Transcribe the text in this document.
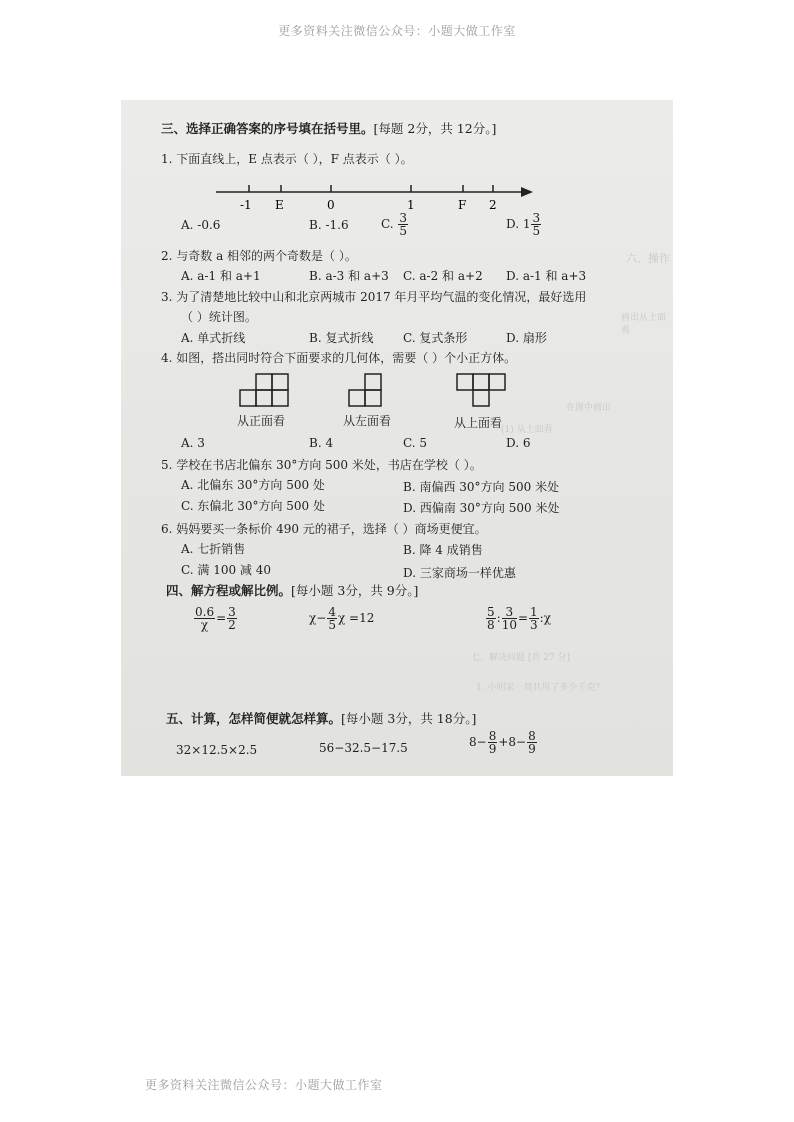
更多资料关注微信公众号：小题大做工作室
六、操作
画出从上面看
在图中画出
(1) 从上面看
七、解决问题 [共 27 分]
1. 小明家一周共用了多少千克？
三、选择正确答案的序号填在括号里。[每题 2分，共 12分。]
1. 下面直线上，E 点表示（ ），F 点表示（ ）。
-1 E	0	1	F 2
A. -0.6	B. -1.6	C. $\frac{3}{5}$	D. $1 \frac{3}{5}$
2. 与奇数 a 相邻的两个奇数是（ ）。
A. a-1 和 a+1	B. a-3 和 a+3 C. a-2 和 a+2 D. a-1 和 a+3
3. 为了清楚地比较中山和北京两城市 2017 年月平均气温的变化情况，最好选用
（ ）统计图。
A. 单式折线	B. 复式折线 C. 复式条形	D. 扇形
4. 如图，搭出同时符合下面要求的几何体，需要（ ）个小正方体。
从正面看	从左面看	从上面看
A. 3	B. 4	C. 5	D. 6
5. 学校在书店北偏东 30°方向 500 米处，书店在学校（ ）。
A. 北偏东 30°方向 500 处	B. 南偏西 30°方向 500 米处
C. 东偏北 30°方向 500 处	D. 西偏南 30°方向 500 米处
6. 妈妈要买一条标价 490 元的裙子，选择（ ）商场更便宜。
A. 七折销售	B. 降 4 成销售
C. 满 100 减 40	D. 三家商场一样优惠
四、解方程或解比例。[每小题 3分，共 9分。]
$\frac{0.6}{\chi} = \frac{3}{2}$	$\chi- \frac{4}{5}$ χ =12	$\frac{5}{8}$ : $\frac{3}{10} = \frac{1}{3}$ :χ
五、计算，怎样简便就怎样算。[每小题 3分，共 18分。]
32×12.5×2.5	56−32.5−17.5	$8- \frac{8}{9} +8- \frac{8}{9}$
更多资料关注微信公众号：小题大做工作室
